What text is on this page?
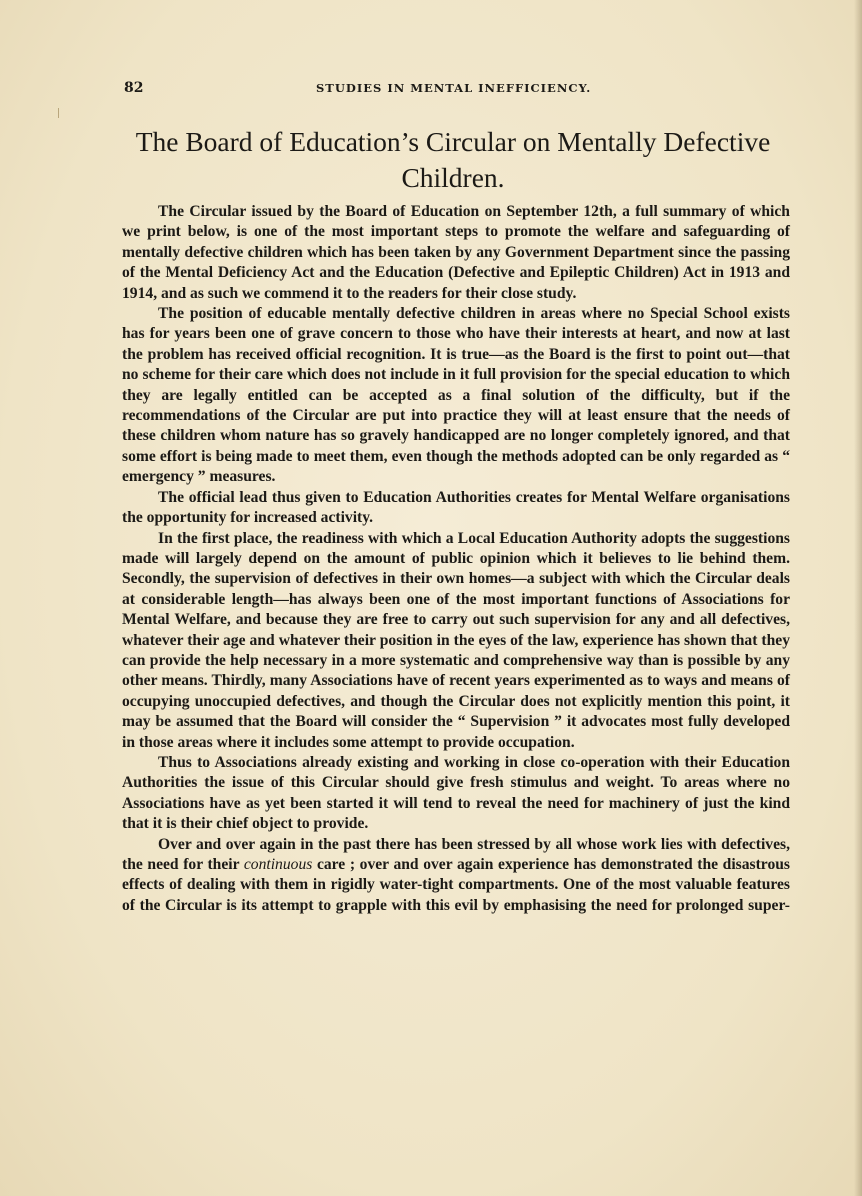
82	STUDIES IN MENTAL INEFFICIENCY.
The Board of Education’s Circular on Mentally Defective Children.

The Circular issued by the Board of Education on September 12th, a full summary of which we print below, is one of the most important steps to promote the welfare and safeguarding of mentally defective children which has been taken by any Government Department since the passing of the Mental Deficiency Act and the Education (Defective and Epileptic Children) Act in 1913 and 1914, and as such we commend it to the readers for their close study.

The position of educable mentally defective children in areas where no Special School exists has for years been one of grave concern to those who have their interests at heart, and now at last the problem has received official recognition. It is true—as the Board is the first to point out—that no scheme for their care which does not include in it full provision for the special education to which they are legally entitled can be accepted as a final solution of the difficulty, but if the recommendations of the Circular are put into practice they will at least ensure that the needs of these children whom nature has so gravely handicapped are no longer completely ignored, and that some effort is being made to meet them, even though the methods adopted can be only regarded as “ emergency ” measures.

The official lead thus given to Education Authorities creates for Mental Welfare organisations the opportunity for increased activity.

In the first place, the readiness with which a Local Education Authority adopts the suggestions made will largely depend on the amount of public opinion which it believes to lie behind them. Secondly, the supervision of defectives in their own homes—a subject with which the Circular deals at considerable length—has always been one of the most important functions of Associations for Mental Welfare, and because they are free to carry out such supervision for any and all defectives, whatever their age and whatever their position in the eyes of the law, experience has shown that they can provide the help necessary in a more systematic and comprehensive way than is possible by any other means. Thirdly, many Associations have of recent years experimented as to ways and means of occupying unoccupied defectives, and though the Circular does not explicitly mention this point, it may be assumed that the Board will consider the “ Supervision ” it advocates most fully developed in those areas where it includes some attempt to provide occupation.

Thus to Associations already existing and working in close co-operation with their Education Authorities the issue of this Circular should give fresh stimulus and weight. To areas where no Associations have as yet been started it will tend to reveal the need for machinery of just the kind that it is their chief object to provide.

Over and over again in the past there has been stressed by all whose work lies with defectives, the need for their continuous care ; over and over again experience has demonstrated the disastrous effects of dealing with them in rigidly water-tight compartments. One of the most valuable features of the Circular is its attempt to grapple with this evil by emphasising the need for prolonged super-
